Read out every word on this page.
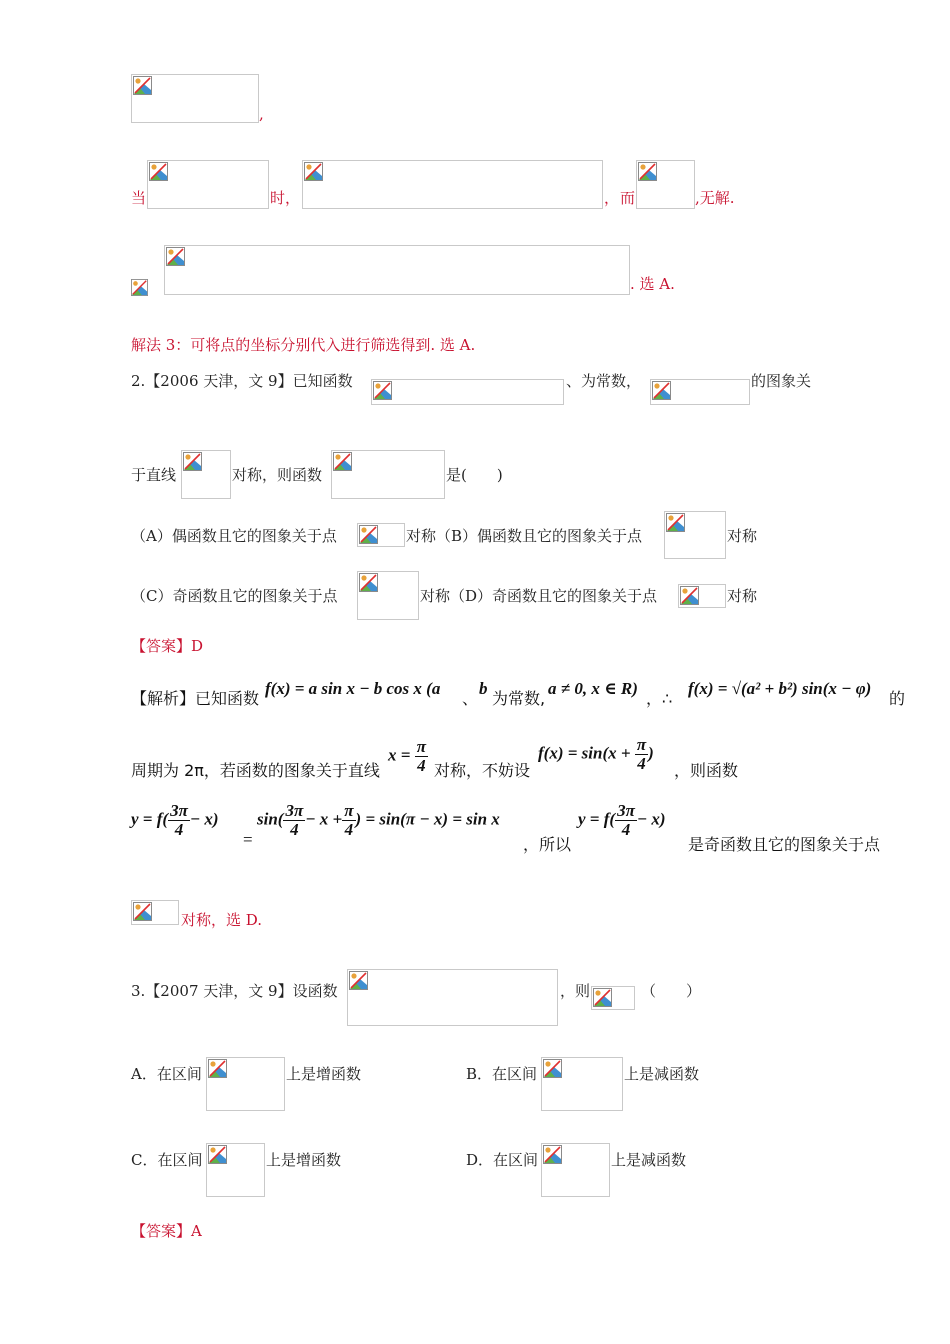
,
当	时，	， 而	,无解.
. 选 A.
解法 3：可将点的坐标分别代入进行筛选得到. 选 A.
2.【2006 天津，文 9】已知函数	、为常数，	的图象关
于直线	对称，则函数	是(　　)
（A）偶函数且它的图象关于点	对称（B）偶函数且它的图象关于点	对称
（C）奇函数且它的图象关于点	对称（D）奇函数且它的图象关于点	对称
【答案】D
【解析】已知函数
f(x) = a sin x − b cos x (a
、
b
为常数,
a ≠ 0, x ∈ R)
，∴
f(x) = √(a² + b²) sin(x − φ)
的
周期为 2π，若函数的图象关于直线
$x = \frac{\pi}{4}$ 对称，不妨设
$f(x) = \sin(x + \frac{\pi}{4}$ )
，则函数
$y = f( \frac{3\pi}{4} - x)$
=
$\sin( \frac{3\pi}{4} - x + \frac{\pi}{4}$ ) = sin(π − x) = sin x
，所以
$y = f( \frac{3\pi}{4} - x)$
是奇函数且它的图象关于点
对称，选 D.
3.【2007 天津，文 9】设函数	，则	（　　）
A．在区间	上是增函数	B．在区间	上是减函数
C．在区间	上是增函数	D．在区间	上是减函数
【答案】A
